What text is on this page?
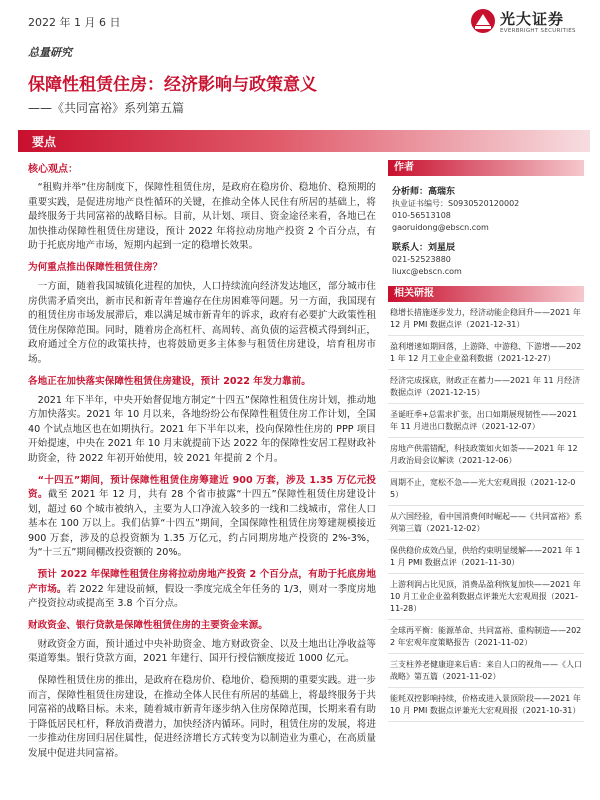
2022 年 1 月 6 日	光大证券
EVERBRIGHT SECURITIES
总量研究
保障性租赁住房：经济影响与政策意义
——《共同富裕》系列第五篇
要点
核心观点：

“租购并举”住房制度下，保障性租赁住房，是政府在稳房价、稳地价、稳预期的重要实践，是促进房地产良性循环的关键，在推动全体人民住有所居的基础上，将最终服务于共同富裕的战略目标。目前，从计划、项目、资金途径来看，各地已在加快推动保障性租赁住房建设，预计 2022 年将拉动房地产投资 2 个百分点，有助于托底房地产市场，短期内起到一定的稳增长效果。

为何重点推出保障性租赁住房？

一方面，随着我国城镇化进程的加快，人口持续流向经济发达地区，部分城市住房供需矛盾突出，新市民和新青年普遍存在住房困难等问题。另一方面，我国现有的租赁住房市场发展滞后，难以满足城市新青年的诉求，政府有必要扩大政策性租赁住房保障范围。同时，随着房企高杠杆、高周转、高负债的运营模式得到纠正，政府通过全方位的政策扶持，也将鼓励更多主体参与租赁住房建设，培育租房市场。

各地正在加快落实保障性租赁住房建设，预计 2022 年发力靠前。

2021 年下半年，中央开始督促地方制定“十四五”保障性租赁住房计划，推动地方加快落实。2021 年 10 月以来，各地纷纷公布保障性租赁住房工作计划，全国 40 个试点地区也在如期执行。2021 年下半年以来，投向保障性住房的 PPP 项目开始提速，中央在 2021 年 10 月末就提前下达 2022 年的保障性安居工程财政补助资金，待 2022 年初开始使用，较 2021 年提前 2 个月。

“十四五”期间，预计保障性租赁住房筹建近 900 万套，涉及 1.35 万亿元投资。截至 2021 年 12 月，共有 28 个省市披露“十四五”保障性租赁住房建设计划，超过 60 个城市被纳入，主要为人口净流入较多的一线和二线城市，常住人口基本在 100 万以上。我们估算“十四五”期间，全国保障性租赁住房筹建规模接近 900 万套，涉及的总投资额为 1.35 万亿元，约占同期房地产投资的 2%-3%，为“十三五”期间棚改投资额的 20%。

预计 2022 年保障性租赁住房将拉动房地产投资 2 个百分点，有助于托底房地产市场。若 2022 年建设前倾，假设一季度完成全年任务的 1/3，则对一季度房地产投资拉动或提高至 3.8 个百分点。

财政资金、银行贷款是保障性租赁住房的主要资金来源。

财政资金方面，预计通过中央补助资金、地方财政资金、以及土地出让净收益等渠道筹集。银行贷款方面，2021 年建行、国开行授信额度接近 1000 亿元。

保障性租赁住房的推出，是政府在稳房价、稳地价、稳预期的重要实践。进一步而言，保障性租赁住房建设，在推动全体人民住有所居的基础上，将最终服务于共同富裕的战略目标。未来，随着城市新青年逐步纳入住房保障范围，长期来看有助于降低居民杠杆，释放消费潜力，加快经济内循环。同时，租赁住房的发展，将进一步推动住房回归居住属性，促进经济增长方式转变为以制造业为重心，在高质量发展中促进共同富裕。

作者
分析师：高瑞东
执业证书编号：S0930520120002
010-56513108
gaoruidong@ebscn.com
联系人：刘星辰
021-52523880
liuxc@ebscn.com
相关研报
稳增长措施逐步发力，经济动能企稳回升——2021 年 12 月 PMI 数据点评（2021-12-31）
盈利增速如期回落，上游降、中游稳、下游增——2021 年 12 月工业企业盈利数据（2021-12-27）
经济完成探底，财政正在蓄力——2021 年 11 月经济数据点评（2021-12-15）
圣诞旺季+总需求扩张，出口如期展现韧性——2021 年 11 月进出口数据点评（2021-12-07）
房地产供需错配，科技政策如火如荼——2021 年 12 月政治局会议解读（2021-12-06）
周期不止，宽松不急——光大宏观周报（2021-12-05）
从六国经验，看中国消费何时崛起——《共同富裕》系列第三篇（2021-12-02）
保供稳价成效凸显，供给约束明显缓解——2021 年 11 月 PMI 数据点评（2021-11-30）
上游利润占比见顶，消费品盈利恢复加快——2021 年 10 月工业企业盈利数据点评兼光大宏观周报（2021-11-28）
全球再平衡：能源革命、共同富裕、重构制造——2022 年宏观年度策略报告（2021-11-02）
三支柱养老健康迎来后盾：来自人口的视角——《人口战略》第五篇（2021-11-02）
能耗双控影响持续，价格或进入景顶阶段——2021 年 10 月 PMI 数据点评兼光大宏观周报（2021-10-31）
